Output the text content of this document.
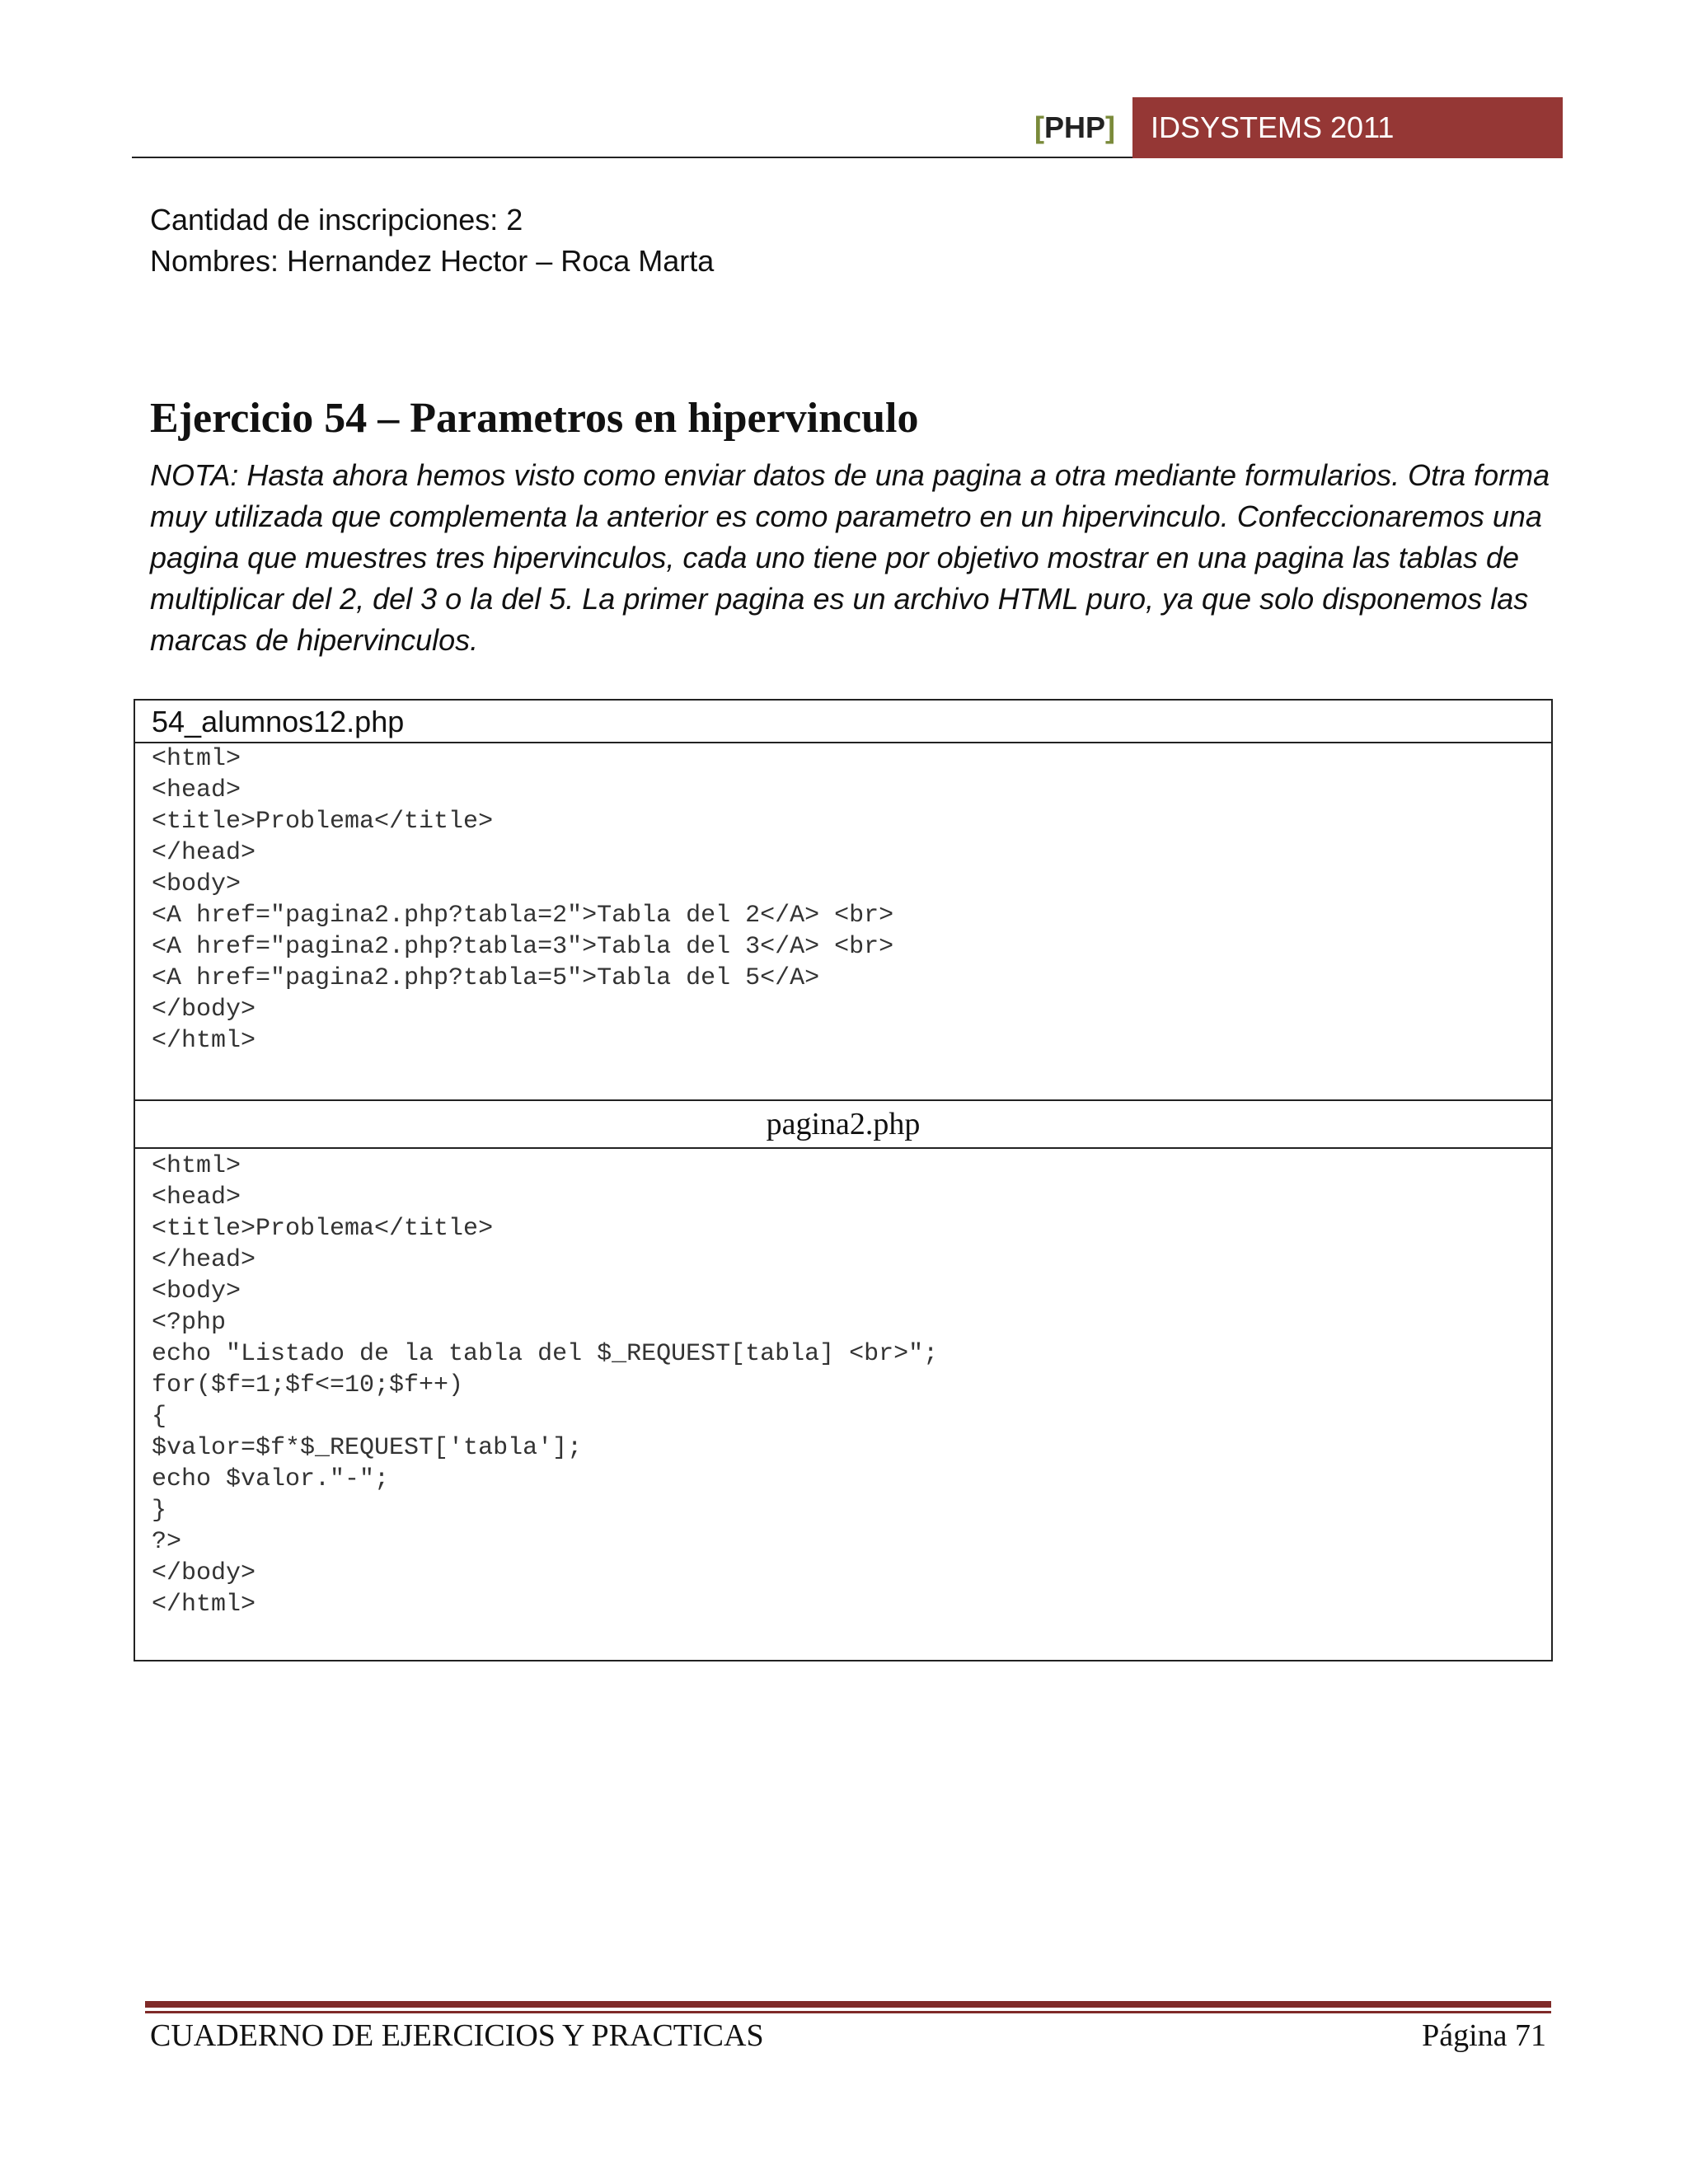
[PHP]	IDSYSTEMS 2011
Cantidad de inscripciones: 2
Nombres: Hernandez Hector – Roca Marta
Ejercicio 54 – Parametros en hipervinculo
NOTA: Hasta ahora hemos visto como enviar datos de una pagina a otra mediante formularios. Otra forma muy utilizada que complementa la anterior es como parametro en un hipervinculo. Confeccionaremos una pagina que muestres tres hipervinculos, cada uno tiene por objetivo mostrar en una pagina las tablas de multiplicar del 2, del 3 o la del 5. La primer pagina es un archivo HTML puro, ya que solo disponemos las marcas de hipervinculos.
54_alumnos12.php
<html>
<head>
<title>Problema</title>
</head>
<body>
<A href="pagina2.php?tabla=2">Tabla del 2</A> <br>
<A href="pagina2.php?tabla=3">Tabla del 3</A> <br>
<A href="pagina2.php?tabla=5">Tabla del 5</A>
</body>
</html>
pagina2.php
<html>
<head>
<title>Problema</title>
</head>
<body>
<?php
echo "Listado de la tabla del $_REQUEST[tabla] <br>";
for($f=1;$f<=10;$f++)
{
$valor=$f*$_REQUEST['tabla'];
echo $valor."-";
}
?>
</body>
</html>
CUADERNO DE EJERCICIOS Y PRACTICAS	Página 71
